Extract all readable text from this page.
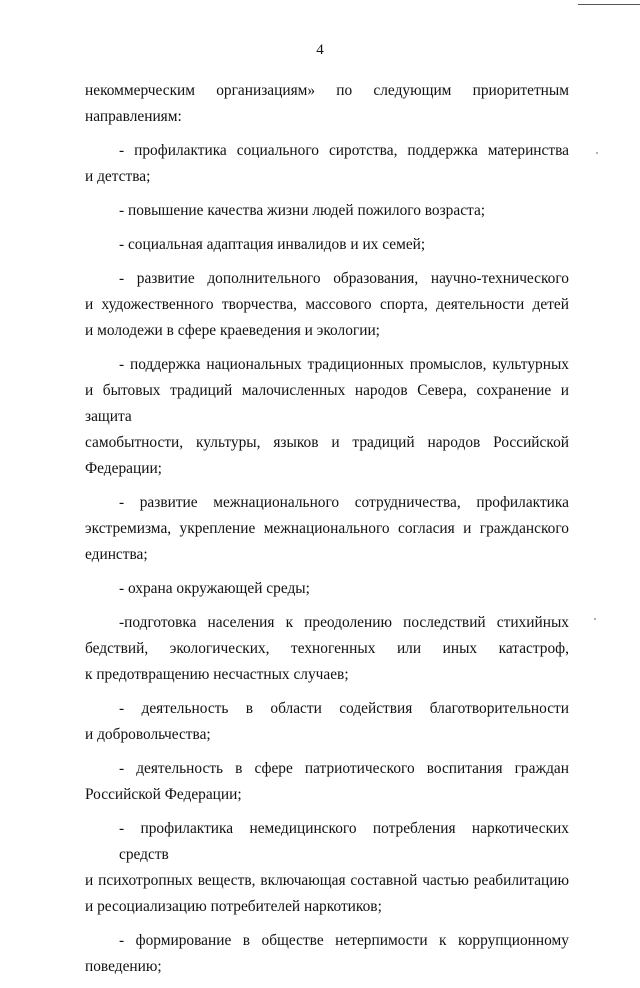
4

некоммерческим организациям» по следующим приоритетным
направлениям:

- профилактика социального сиротства, поддержка материнства
и детства;

- повышение качества жизни людей пожилого возраста;

- социальная адаптация инвалидов и их семей;

- развитие дополнительного образования, научно-технического
и художественного творчества, массового спорта, деятельности детей
и молодежи в сфере краеведения и экологии;

- поддержка национальных традиционных промыслов, культурных
и бытовых традиций малочисленных народов Севера, сохранение и защита
самобытности, культуры, языков и традиций народов Российской
Федерации;

- развитие межнационального сотрудничества, профилактика
экстремизма, укрепление межнационального согласия и гражданского
единства;

- охрана окружающей среды;

-подготовка населения к преодолению последствий стихийных
бедствий, экологических, техногенных или иных катастроф,
к предотвращению несчастных случаев;

- деятельность в области содействия благотворительности
и добровольчества;

- деятельность в сфере патриотического воспитания граждан
Российской Федерации;

- профилактика немедицинского потребления наркотических средств
и психотропных веществ, включающая составной частью реабилитацию
и ресоциализацию потребителей наркотиков;

- формирование в обществе нетерпимости к коррупционному
поведению;
